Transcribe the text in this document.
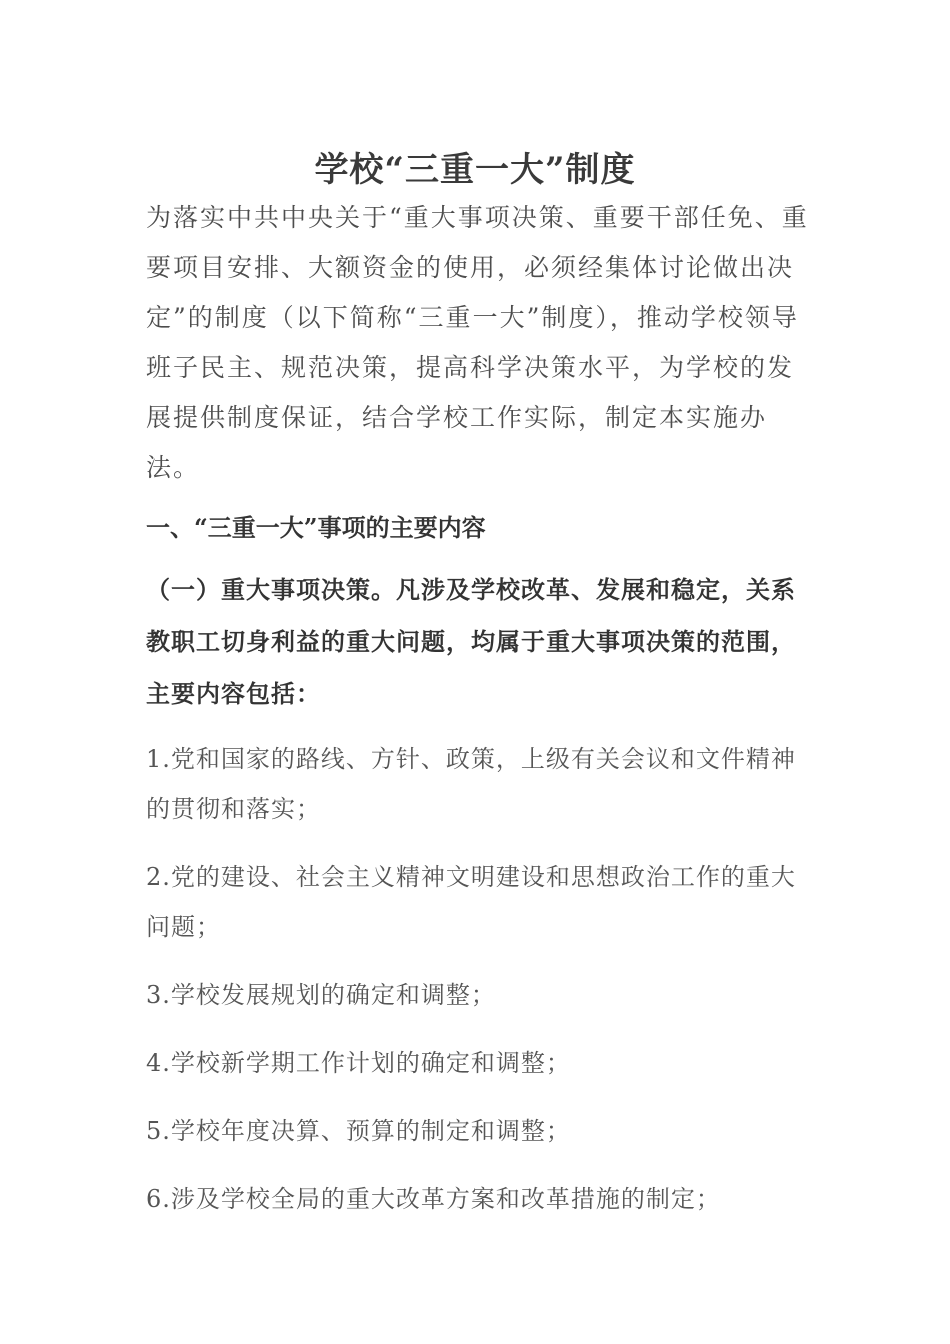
学校“三重一大”制度

为落实中共中央关于“重大事项决策、重要干部任免、重要项目安排、大额资金的使用，必须经集体讨论做出决定”的制度（以下简称“三重一大”制度），推动学校领导班子民主、规范决策，提高科学决策水平，为学校的发展提供制度保证，结合学校工作实际，制定本实施办法。

一、“三重一大”事项的主要内容

（一）重大事项决策。凡涉及学校改革、发展和稳定，关系教职工切身利益的重大问题，均属于重大事项决策的范围，主要内容包括：

1.党和国家的路线、方针、政策，上级有关会议和文件精神的贯彻和落实；
2.党的建设、社会主义精神文明建设和思想政治工作的重大问题；
3.学校发展规划的确定和调整；
4.学校新学期工作计划的确定和调整；
5.学校年度决算、预算的制定和调整；
6.涉及学校全局的重大改革方案和改革措施的制定；
